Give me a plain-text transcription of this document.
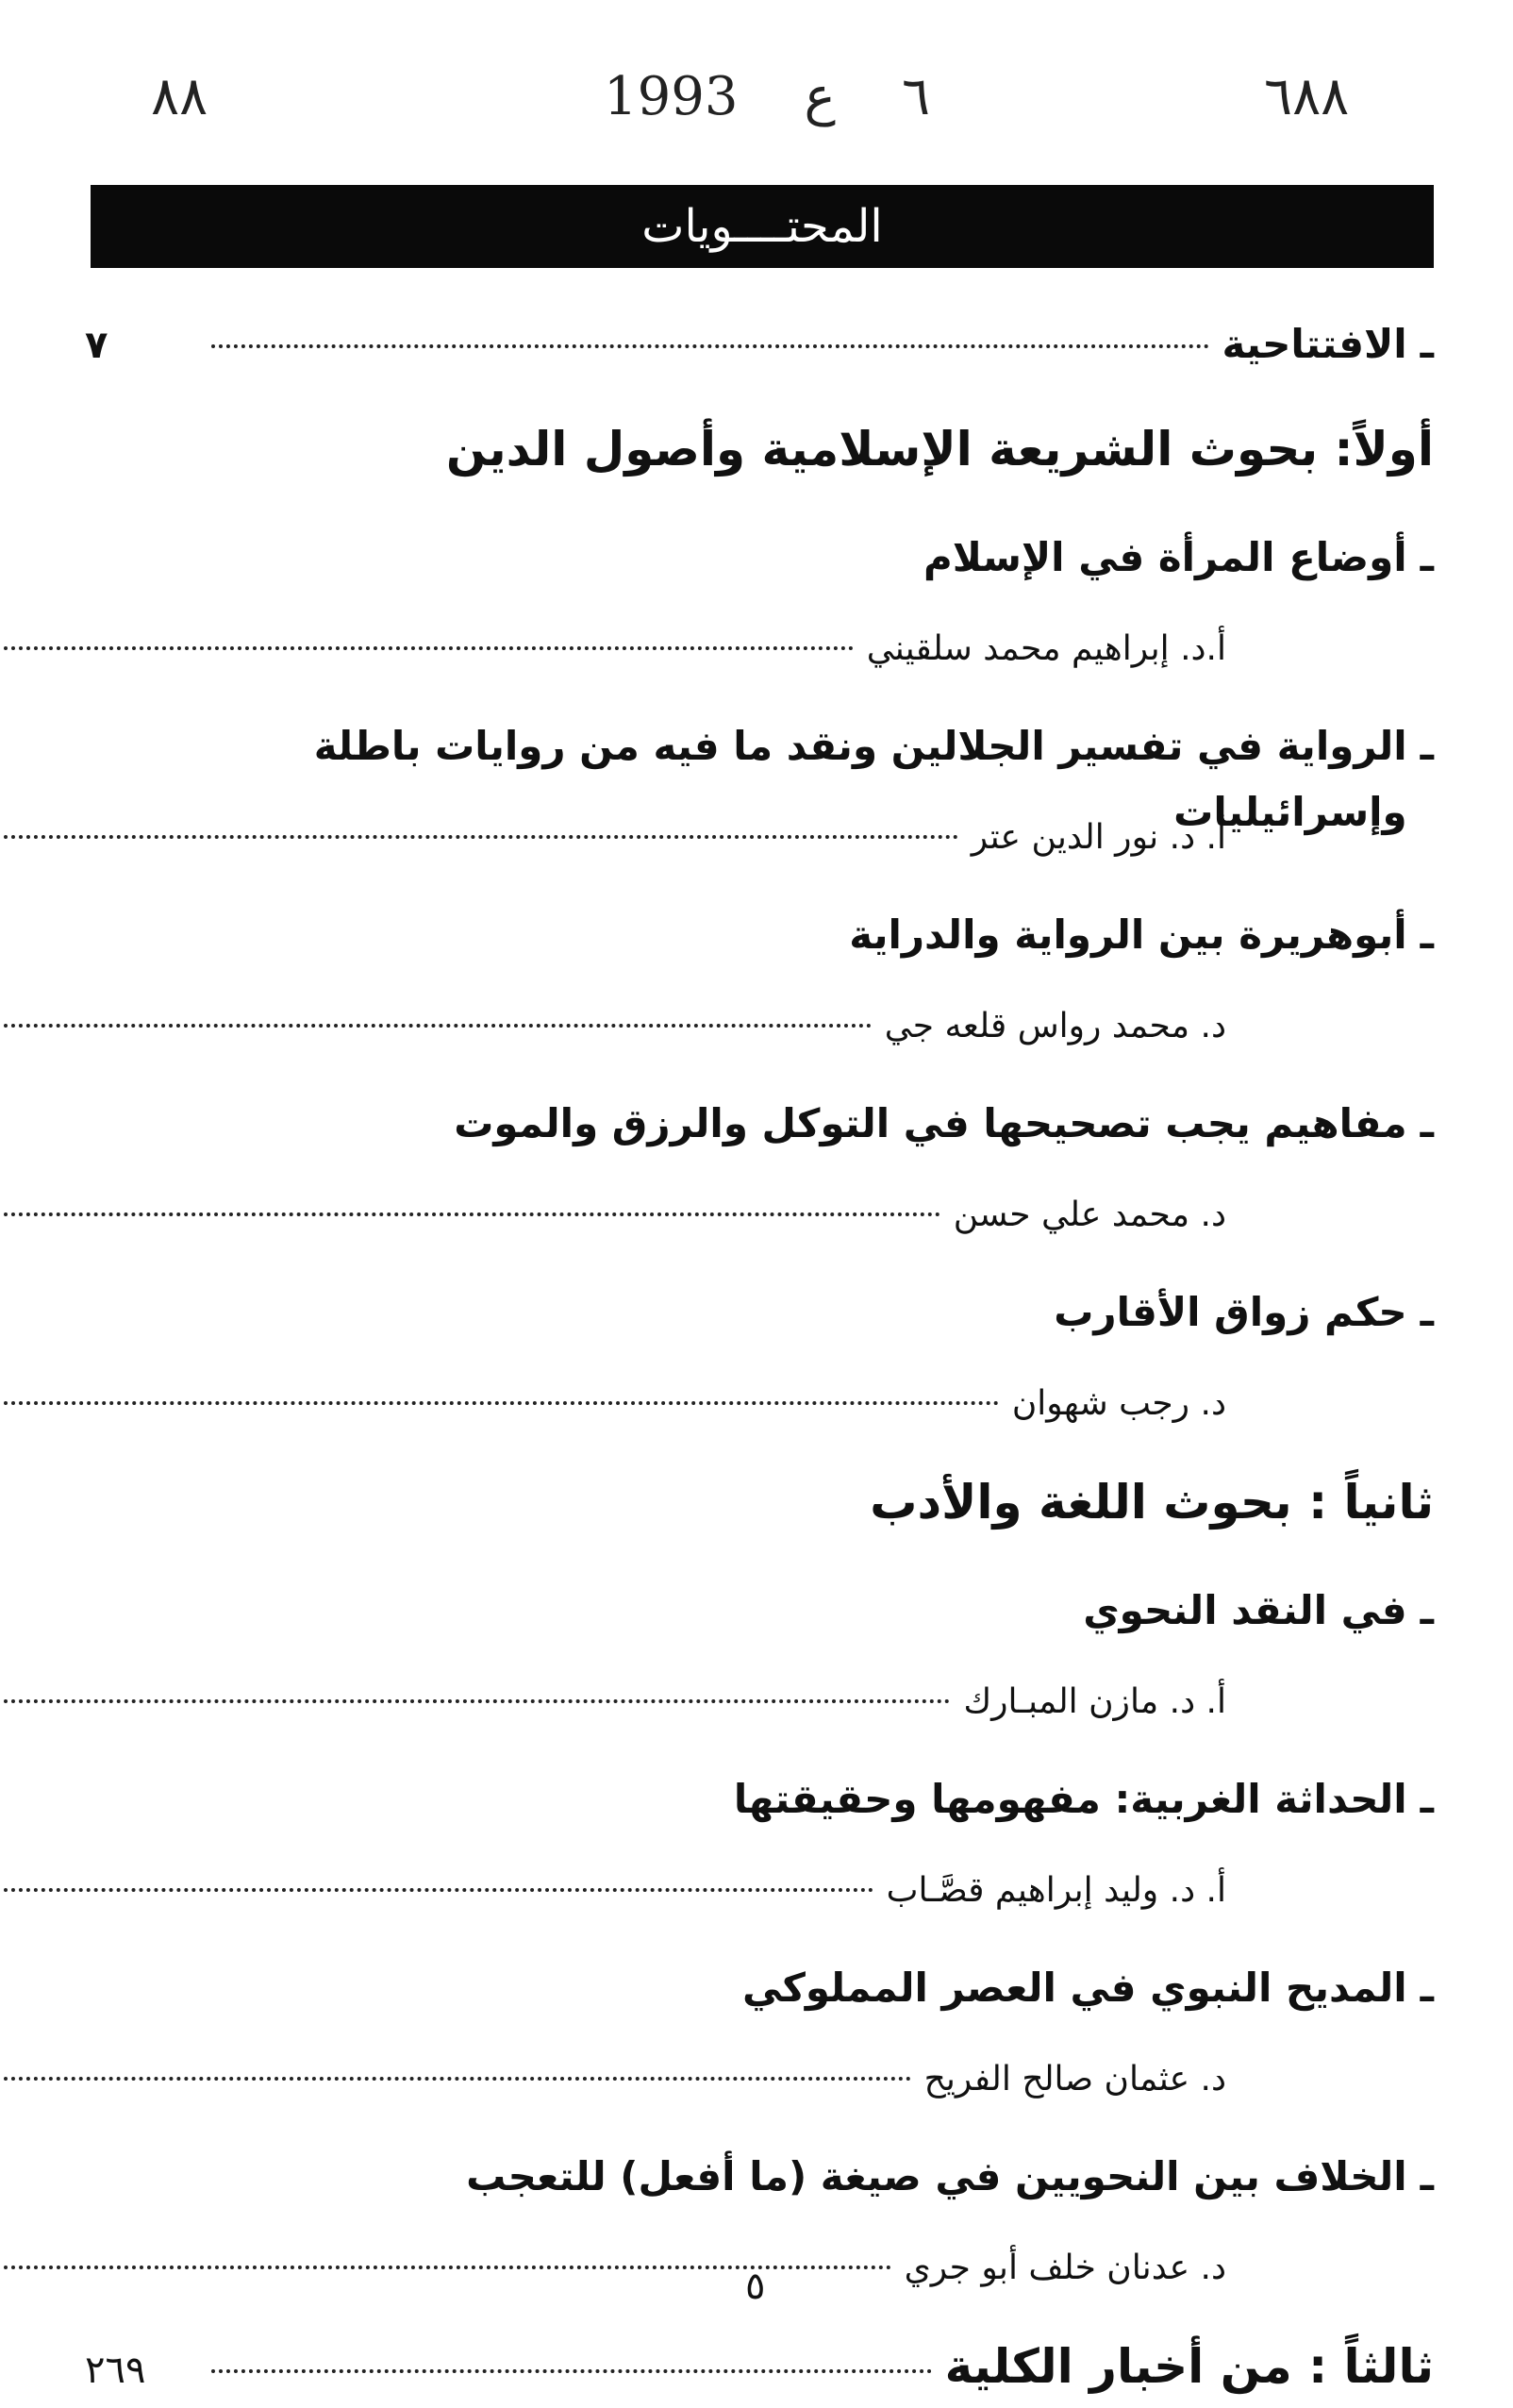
٨٨	٦ع1993	٦٨٨
المحتــــويات
ـ
الافتتاحية
٧
أولاً: بحوث الشريعة الإسلامية وأصول الدين
ـ
أوضاع المرأة في الإسلام
أ.د. إبراهيم محمد سلقيني
ـ
الرواية في تفسير الجلالين ونقد ما فيه من روايات باطلة وإسرائيليات
أ. د. نور الدين عتر
ـ
أبوهريرة بين الرواية والدراية
د. محمد رواس قلعه جي
ـ
مفاهيم يجب تصحيحها في التوكل والرزق والموت
د. محمد علي حسن
ـ
حكم زواق الأقارب
د. رجب شهوان
ثانياً : بحوث اللغة والأدب
ـ
في النقد النحوي
أ. د. مازن المبـارك
ـ
الحداثة الغربية: مفهومها وحقيقتها
أ. د. وليد إبراهيم قصَّـاب
ـ
المديح النبوي في العصر المملوكي
د. عثمان صالح الفريح
ـ
الخلاف بين النحويين في صيغة (ما أفعل) للتعجب
د. عدنان خلف أبو جري
ثالثاً : من أخبار الكلية
٢٦٩
٥
